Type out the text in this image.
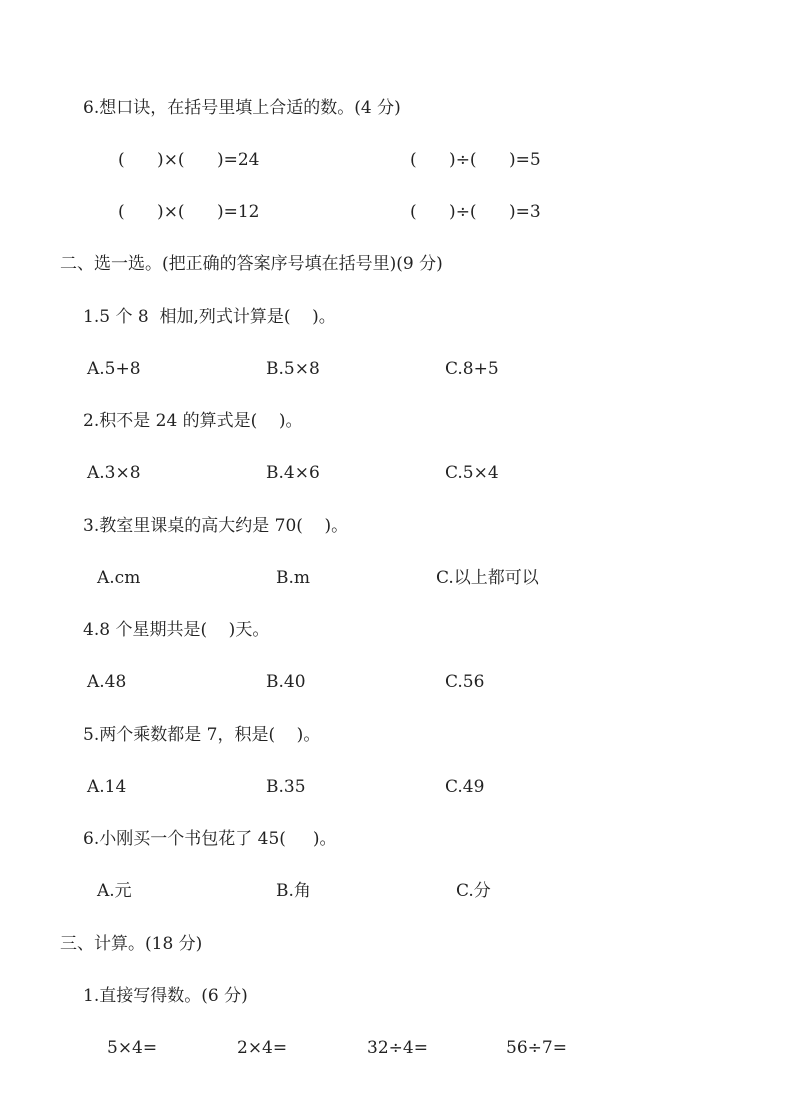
6.想口诀，在括号里填上合适的数。(4 分)
(      )×(      )=24	(      )÷(      )=5
(      )×(      )=12	(      )÷(      )=3
二、选一选。(把正确的答案序号填在括号里)(9 分)
1.5 个 8  相加,列式计算是(    )。
A.5+8	B.5×8	C.8+5
2.积不是 24 的算式是(    )。
A.3×8	B.4×6	C.5×4
3.教室里课桌的高大约是 70(    )。
A.cm	B.m	C.以上都可以
4.8 个星期共是(    )天。
A.48	B.40	C.56
5.两个乘数都是 7，积是(    )。
A.14	B.35	C.49
6.小刚买一个书包花了 45(     )。
A.元	B.角	C.分
三、计算。(18 分)
1.直接写得数。(6 分)
5×4=	2×4=	32÷4=	56÷7=
